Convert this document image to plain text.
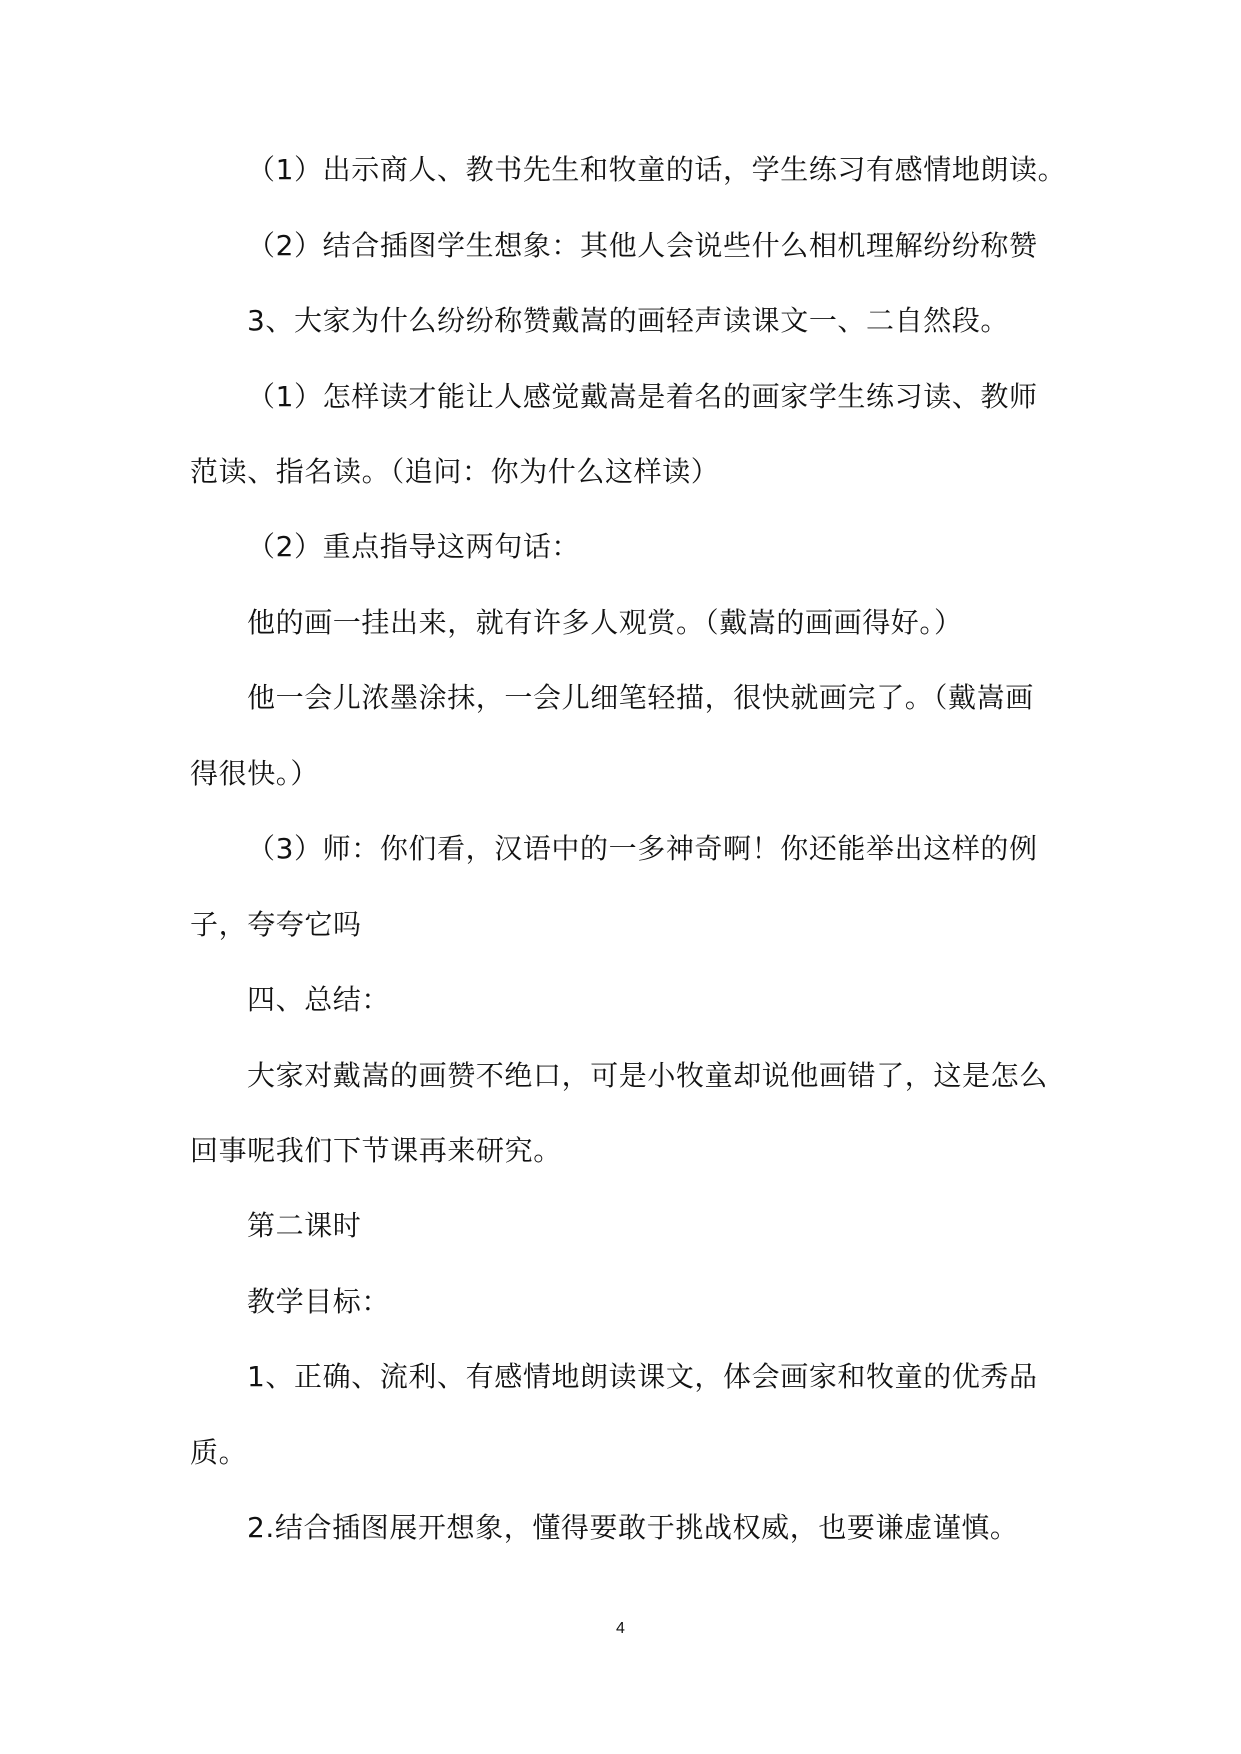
（1）出示商人、教书先生和牧童的话，学生练习有感情地朗读。
（2）结合插图学生想象：其他人会说些什么相机理解纷纷称赞
3、大家为什么纷纷称赞戴嵩的画轻声读课文一、二自然段。
（1）怎样读才能让人感觉戴嵩是着名的画家学生练习读、教师
范读、指名读。（追问：你为什么这样读）
（2）重点指导这两句话：
他的画一挂出来，就有许多人观赏。（戴嵩的画画得好。）
他一会儿浓墨涂抹，一会儿细笔轻描，很快就画完了。（戴嵩画
得很快。）
（3）师：你们看，汉语中的一多神奇啊！你还能举出这样的例
子，夸夸它吗
四、总结：
大家对戴嵩的画赞不绝口，可是小牧童却说他画错了，这是怎么
回事呢我们下节课再来研究。
第二课时
教学目标：
1、正确、流利、有感情地朗读课文，体会画家和牧童的优秀品
质。
2.结合插图展开想象，懂得要敢于挑战权威，也要谦虚谨慎。
4
